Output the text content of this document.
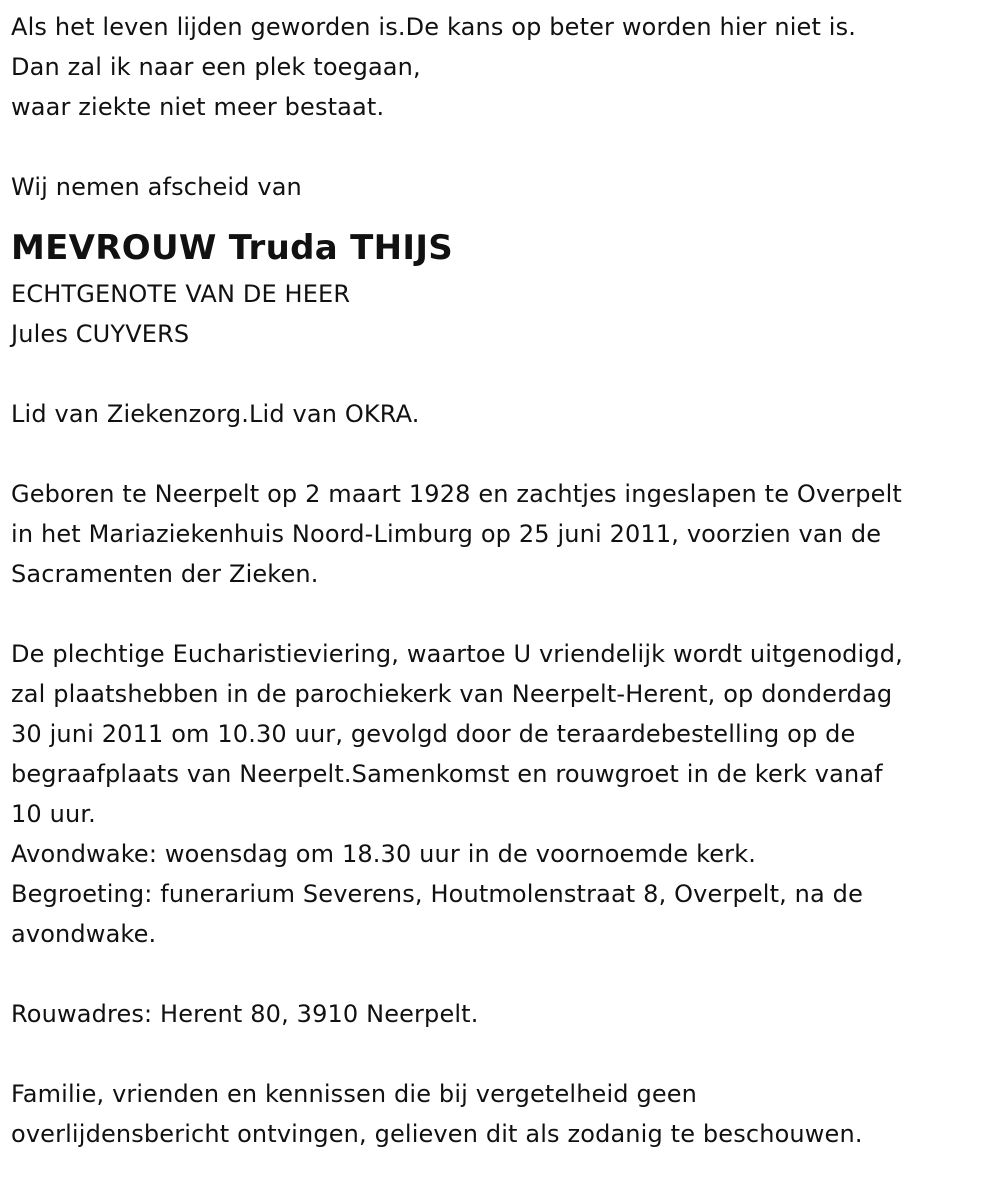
Als het leven lijden geworden is.De kans op beter worden hier niet is.
Dan zal ik naar een plek toegaan,
waar ziekte niet meer bestaat.
Wij nemen afscheid van
MEVROUW Truda THIJS
ECHTGENOTE VAN DE HEER
Jules CUYVERS
Lid van Ziekenzorg.Lid van OKRA.
Geboren te Neerpelt op 2 maart 1928 en zachtjes ingeslapen te Overpelt
in het Mariaziekenhuis Noord-Limburg op 25 juni 2011, voorzien van de
Sacramenten der Zieken.
De plechtige Eucharistieviering, waartoe U vriendelijk wordt uitgenodigd,
zal plaatshebben in de parochiekerk van Neerpelt-Herent, op donderdag
30 juni 2011 om 10.30 uur, gevolgd door de teraardebestelling op de
begraafplaats van Neerpelt.Samenkomst en rouwgroet in de kerk vanaf
10 uur.
Avondwake: woensdag om 18.30 uur in de voornoemde kerk.
Begroeting: funerarium Severens, Houtmolenstraat 8, Overpelt, na de
avondwake.
Rouwadres: Herent 80, 3910 Neerpelt.
Familie, vrienden en kennissen die bij vergetelheid geen
overlijdensbericht ontvingen, gelieven dit als zodanig te beschouwen.
